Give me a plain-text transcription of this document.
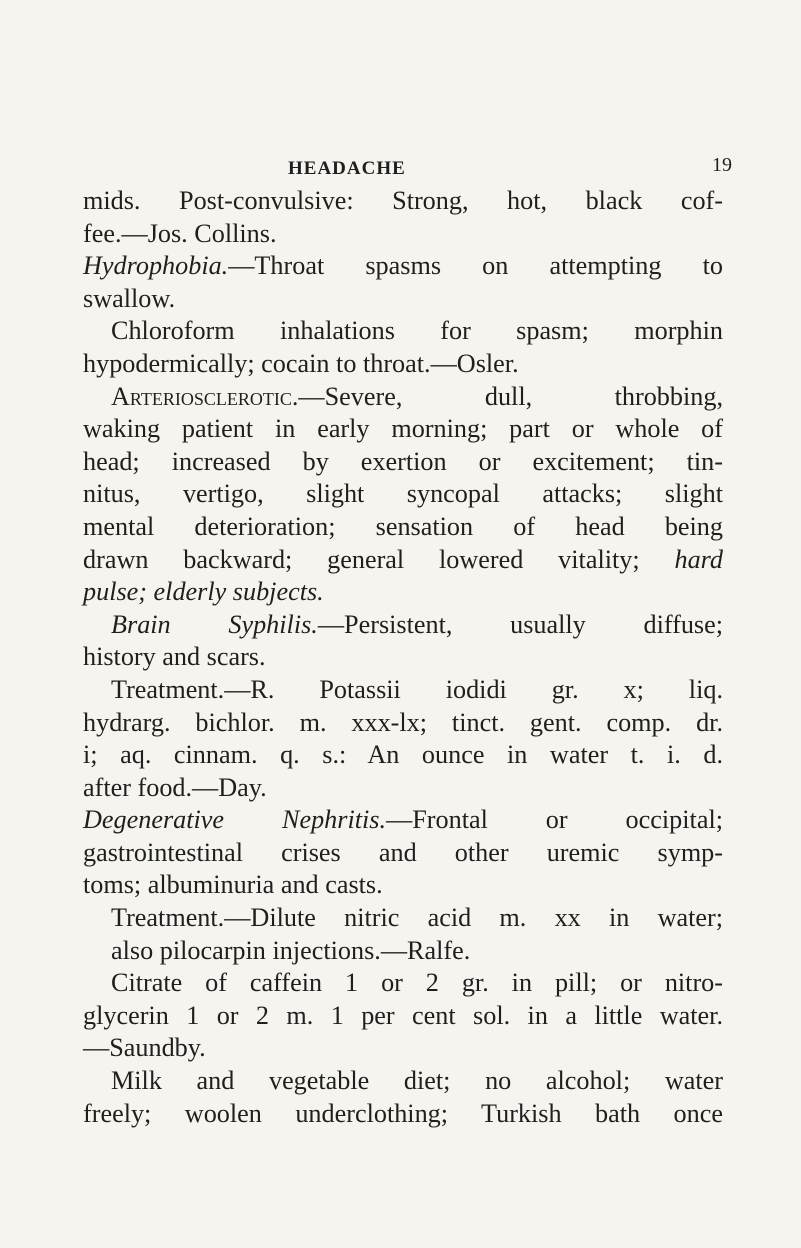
HEADACHE	19
mids. Post-convulsive: Strong, hot, black cof-
fee.—Jos. Collins.
Hydrophobia.—Throat spasms on attempting to
swallow.
Chloroform inhalations for spasm; morphin
hypodermically; cocain to throat.—Osler.
Arteriosclerotic.—Severe, dull, throbbing,
waking patient in early morning; part or whole of
head; increased by exertion or excitement; tin-
nitus, vertigo, slight syncopal attacks; slight
mental deterioration; sensation of head being
drawn backward; general lowered vitality; hard
pulse; elderly subjects.
Brain Syphilis.—Persistent, usually diffuse;
history and scars.
Treatment.—R. Potassii iodidi gr. x; liq.
hydrarg. bichlor. m. xxx-lx; tinct. gent. comp. dr.
i; aq. cinnam. q. s.: An ounce in water t. i. d.
after food.—Day.
Degenerative Nephritis.—Frontal or occipital;
gastrointestinal crises and other uremic symp-
toms; albuminuria and casts.
Treatment.—Dilute nitric acid m. xx in water;
also pilocarpin injections.—Ralfe.
Citrate of caffein 1 or 2 gr. in pill; or nitro-
glycerin 1 or 2 m. 1 per cent sol. in a little water.
—Saundby.
Milk and vegetable diet; no alcohol; water
freely; woolen underclothing; Turkish bath once
